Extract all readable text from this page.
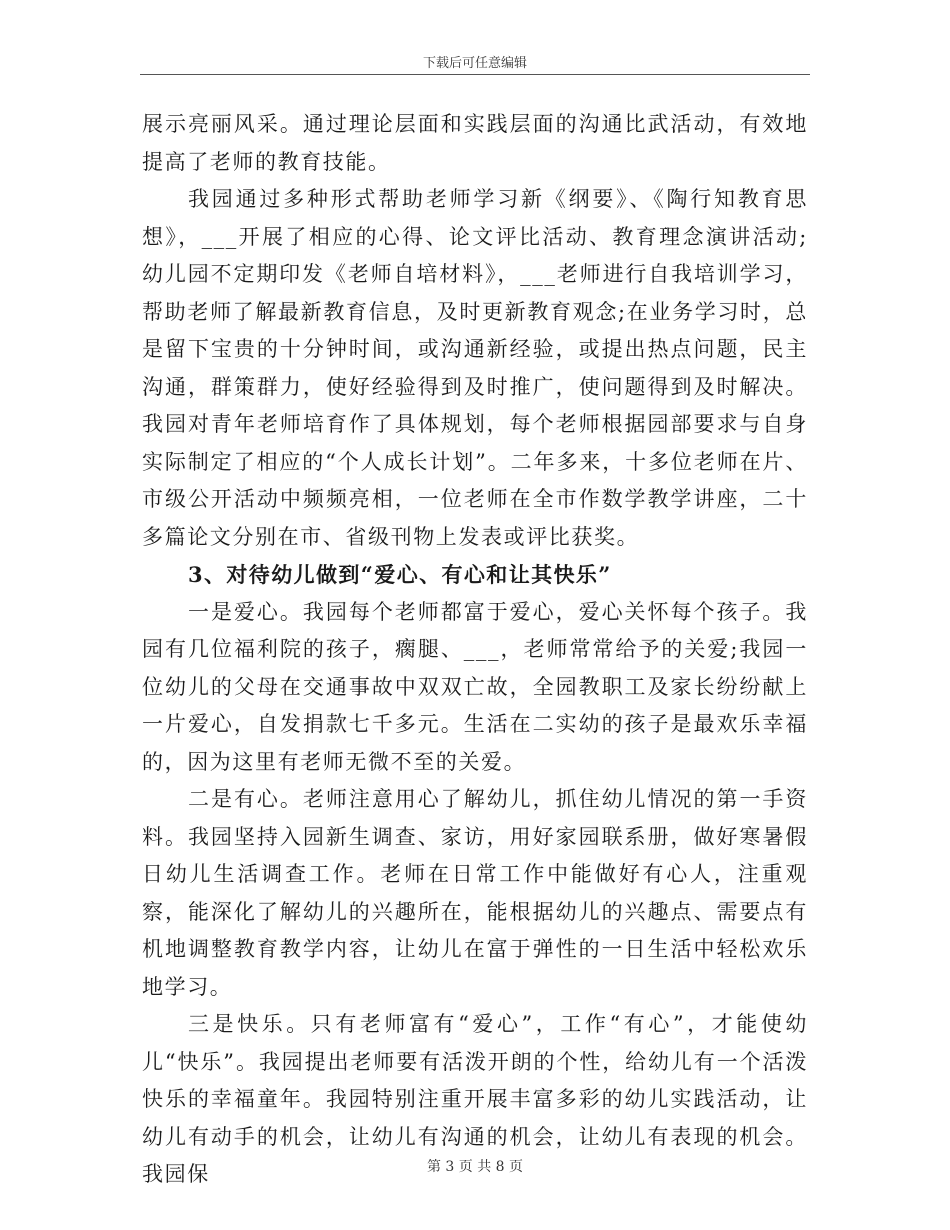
下载后可任意编辑

展示亮丽风采。通过理论层面和实践层面的沟通比武活动，有效地提高了老师的教育技能。

我园通过多种形式帮助老师学习新《纲要》、《陶行知教育思想》，___开展了相应的心得、论文评比活动、教育理念演讲活动;幼儿园不定期印发《老师自培材料》，___老师进行自我培训学习，帮助老师了解最新教育信息，及时更新教育观念;在业务学习时，总是留下宝贵的十分钟时间，或沟通新经验，或提出热点问题，民主沟通，群策群力，使好经验得到及时推广，使问题得到及时解决。我园对青年老师培育作了具体规划，每个老师根据园部要求与自身实际制定了相应的“个人成长计划”。二年多来，十多位老师在片、市级公开活动中频频亮相，一位老师在全市作数学教学讲座，二十多篇论文分别在市、省级刊物上发表或评比获奖。

3、对待幼儿做到“爱心、有心和让其快乐”

一是爱心。我园每个老师都富于爱心，爱心关怀每个孩子。我园有几位福利院的孩子，瘸腿、___，老师常常给予的关爱;我园一位幼儿的父母在交通事故中双双亡故，全园教职工及家长纷纷献上一片爱心，自发捐款七千多元。生活在二实幼的孩子是最欢乐幸福的，因为这里有老师无微不至的关爱。

二是有心。老师注意用心了解幼儿，抓住幼儿情况的第一手资料。我园坚持入园新生调查、家访，用好家园联系册，做好寒暑假日幼儿生活调查工作。老师在日常工作中能做好有心人，注重观察，能深化了解幼儿的兴趣所在，能根据幼儿的兴趣点、需要点有机地调整教育教学内容，让幼儿在富于弹性的一日生活中轻松欢乐地学习。

三是快乐。只有老师富有“爱心”，工作“有心”，才能使幼儿“快乐”。我园提出老师要有活泼开朗的个性，给幼儿有一个活泼快乐的幸福童年。我园特别注重开展丰富多彩的幼儿实践活动，让幼儿有动手的机会，让幼儿有沟通的机会，让幼儿有表现的机会。我园保	第 3 页 共 8 页
